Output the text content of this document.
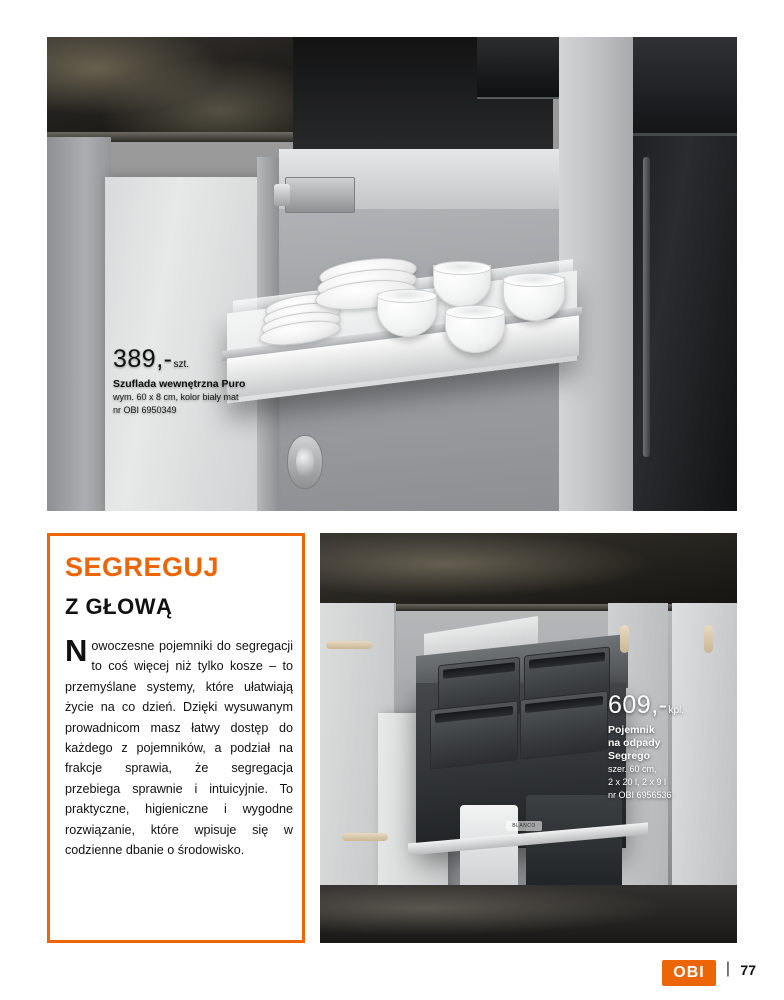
389,-szt.
Szuflada wewnętrzna Puro
wym. 60 x 8 cm, kolor biały mat
nr OBI 6950349
SEGREGUJ
Z GŁOWĄ
Nowoczesne pojemniki do segregacji to coś więcej niż tylko kosze – to przemyślane systemy, które ułatwiają życie na co dzień. Dzięki wysuwanym prowadnicom masz łatwy dostęp do każdego z pojemników, a podział na frakcje sprawia, że segregacja przebiega sprawnie i intuicyjnie. To praktyczne, higieniczne i wygodne rozwiązanie, które wpisuje się w codzienne dbanie o środowisko.
BLANCO
609,-kpl.
Pojemnik
na odpady
Segrego
szer. 60 cm,
2 x 20 l, 2 x 9 l
nr OBI 6956536
OBI	| 77
